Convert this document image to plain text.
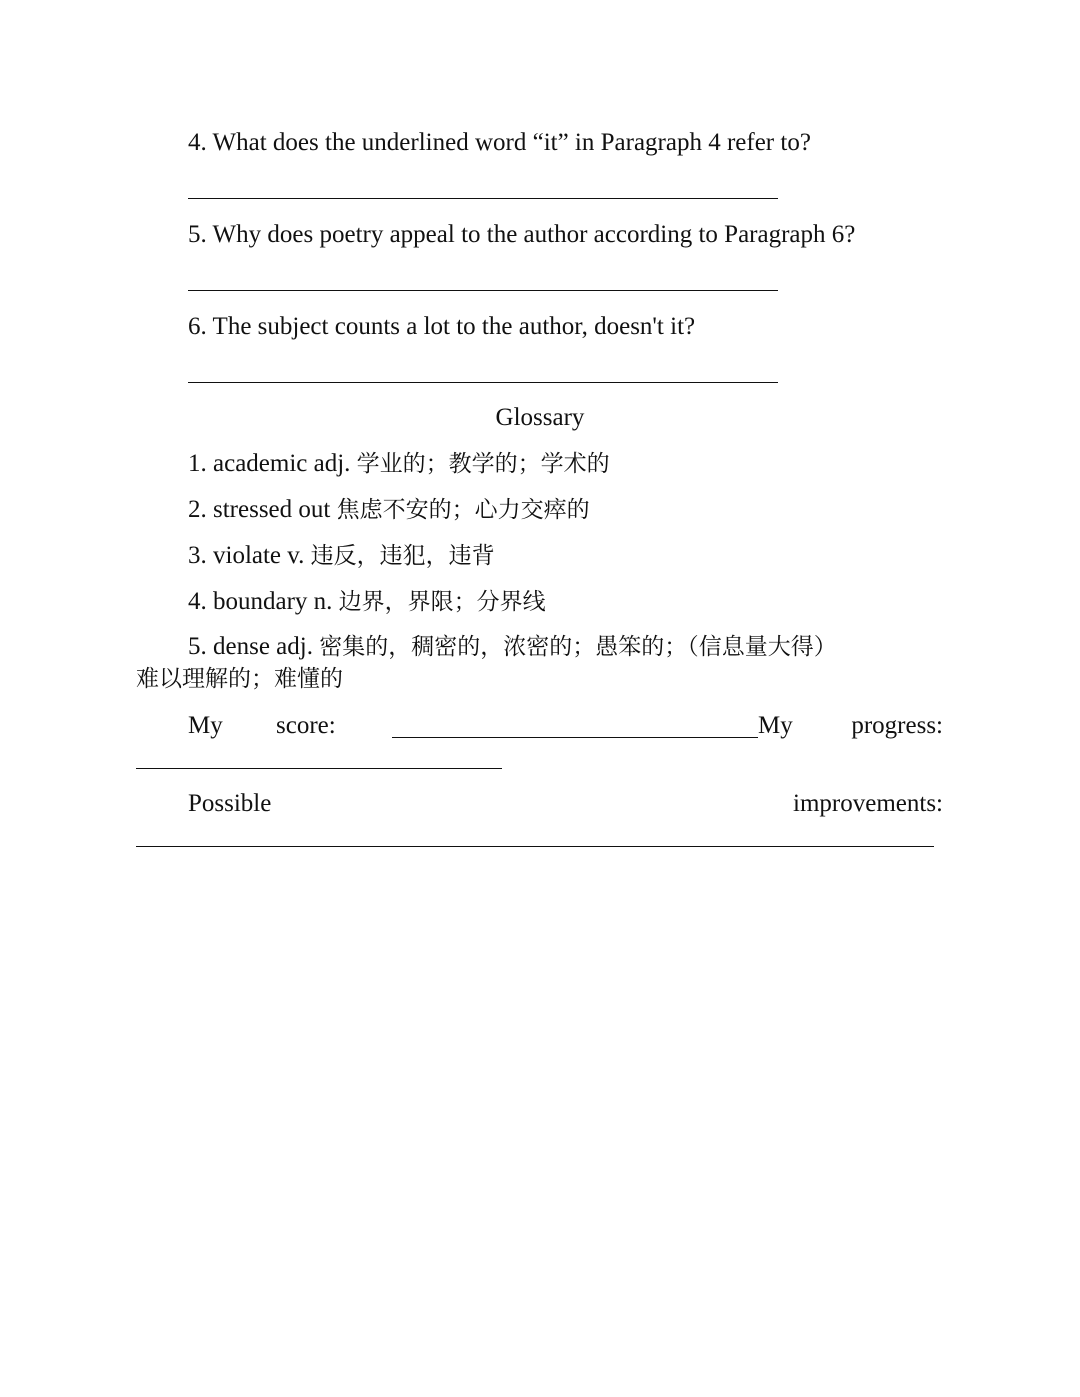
4. What does the underlined word “it” in Paragraph 4 refer to?
5. Why does poetry appeal to the author according to Paragraph 6?
6. The subject counts a lot to the author, doesn't it?
Glossary
1. academic adj. 学业的；教学的；学术的
2. stressed out 焦虑不安的；心力交瘁的
3. violate v. 违反，违犯，违背
4. boundary n. 边界，界限；分界线
5. dense adj. 密集的，稠密的，浓密的；愚笨的；（信息量大得）
难以理解的；难懂的
My score:	My progress:
Possible	improvements:
